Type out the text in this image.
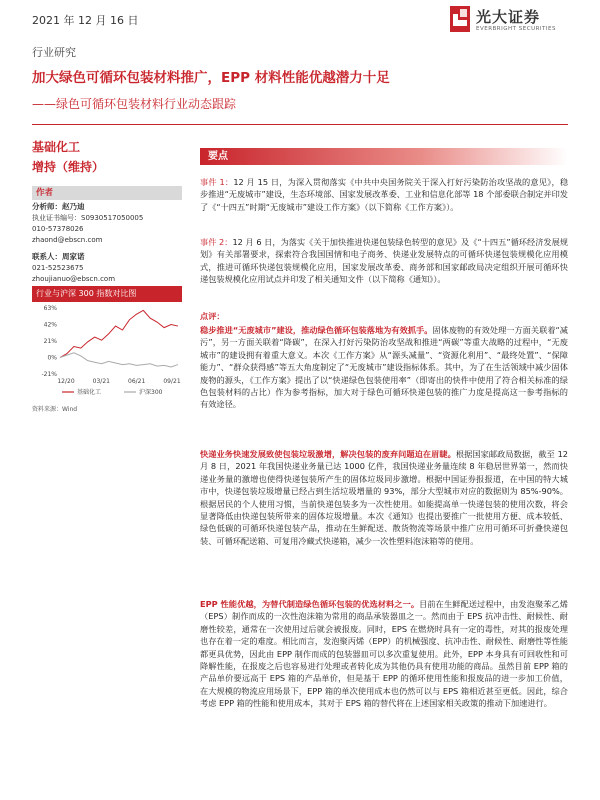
2021 年 12 月 16 日	光大证券
EVERBRIGHT SECURITIES
行业研究
加大绿色可循环包装材料推广，EPP 材料性能优越潜力十足
——绿色可循环包装材料行业动态跟踪
基础化工
增持（维持）
作者
分析师：赵乃迪
执业证书编号：S0930517050005
010-57378026
zhaond@ebscn.com
联系人：周家诺
021-52523675
zhoujianuo@ebscn.com
行业与沪深 300 指数对比图
63%
42%
21%
0%
-21%
12/20	03/21	06/21	09/21
基础化工	沪深300
资料来源：Wind
要点
事件 1：12 月 15 日，为深入贯彻落实《中共中央国务院关于深入打好污染防治攻坚战的意见》，稳步推进“无废城市”建设，生态环境部、国家发展改革委、工业和信息化部等 18 个部委联合制定并印发了《“十四五”时期“无废城市”建设工作方案》（以下简称《工作方案》）。
事件 2：12 月 6 日，为落实《关于加快推进快递包装绿色转型的意见》及《“十四五”循环经济发展规划》有关部署要求，探索符合我国国情和电子商务、快递业发展特点的可循环快递包装规模化应用模式，推进可循环快递包装规模化应用，国家发展改革委、商务部和国家邮政局决定组织开展可循环快递包装规模化应用试点并印发了相关通知文件（以下简称《通知》）。
点评：
稳步推进“无废城市”建设，推动绿色循环包装落地为有效抓手。固体废物的有效处理一方面关联着“减污”，另一方面关联着“降碳”，在深入打好污染防治攻坚战和推进“两碳”等重大战略的过程中，“无废城市”的建设拥有着重大意义。本次《工作方案》从“源头减量”、“资源化利用”、“最终处置”、“保障能力”、“群众获得感”等五大角度制定了“无废城市”建设指标体系。其中，为了在生活领域中减少固体废物的源头，《工作方案》提出了以“快递绿色包装使用率”（即寄出的快件中使用了符合相关标准的绿色包装材料的占比）作为参考指标，加大对于绿色可循环快递包装的推广力度是提高这一参考指标的有效途径。
快递业务快速发展致使包装垃圾激增，解决包装的废弃问题迫在眉睫。根据国家邮政局数据，截至 12 月 8 日，2021 年我国快递业务量已达 1000 亿件，我国快递业务量连续 8 年稳居世界第一，然而快递业务量的激增也使得快递包装所产生的固体垃圾同步激增。根据中国证券报报道，在中国的特大城市中，快递包装垃圾增量已经占到生活垃圾增量的 93%，部分大型城市对应的数据则为 85%-90%。根据居民的个人使用习惯，当前快递包装多为一次性使用。如能提高单一快递包装的使用次数，将会显著降低由快递包装所带来的固体垃圾增量。本次《通知》也提出要推广一批使用方便、成本较低、绿色低碳的可循环快递包装产品，推动在生鲜配送、散货物流等场景中推广应用可循环可折叠快递包装、可循环配送箱、可复用冷藏式快递箱，减少一次性塑料泡沫箱等的使用。
EPP 性能优越，为替代制造绿色循环包装的优选材料之一。目前在生鲜配送过程中，由发泡聚苯乙烯（EPS）制作而成的一次性泡沫箱为常用的商品承装器皿之一。然而由于 EPS 抗冲击性、耐候性、耐磨性较差，通常在一次使用过后就会被报废。同时，EPS 在燃烧时具有一定的毒性，对其的报废处理也存在着一定的难度。相比而言，发泡聚丙烯（EPP）的机械强度、抗冲击性、耐候性、耐磨性等性能都更具优势，因此由 EPP 制作而成的包装器皿可以多次重复使用。此外，EPP 本身具有可回收性和可降解性能，在报废之后也容易进行处理或者转化成为其他仍具有使用功能的商品。虽然目前 EPP 箱的产品单价要远高于 EPS 箱的产品单价，但是基于 EPP 的循环使用性能和报废品的进一步加工价值，在大规模的物流应用场景下，EPP 箱的单次使用成本也仍然可以与 EPS 箱相近甚至更低。因此，综合考虑 EPP 箱的性能和使用成本，其对于 EPS 箱的替代将在上述国家相关政策的推动下加速进行。
